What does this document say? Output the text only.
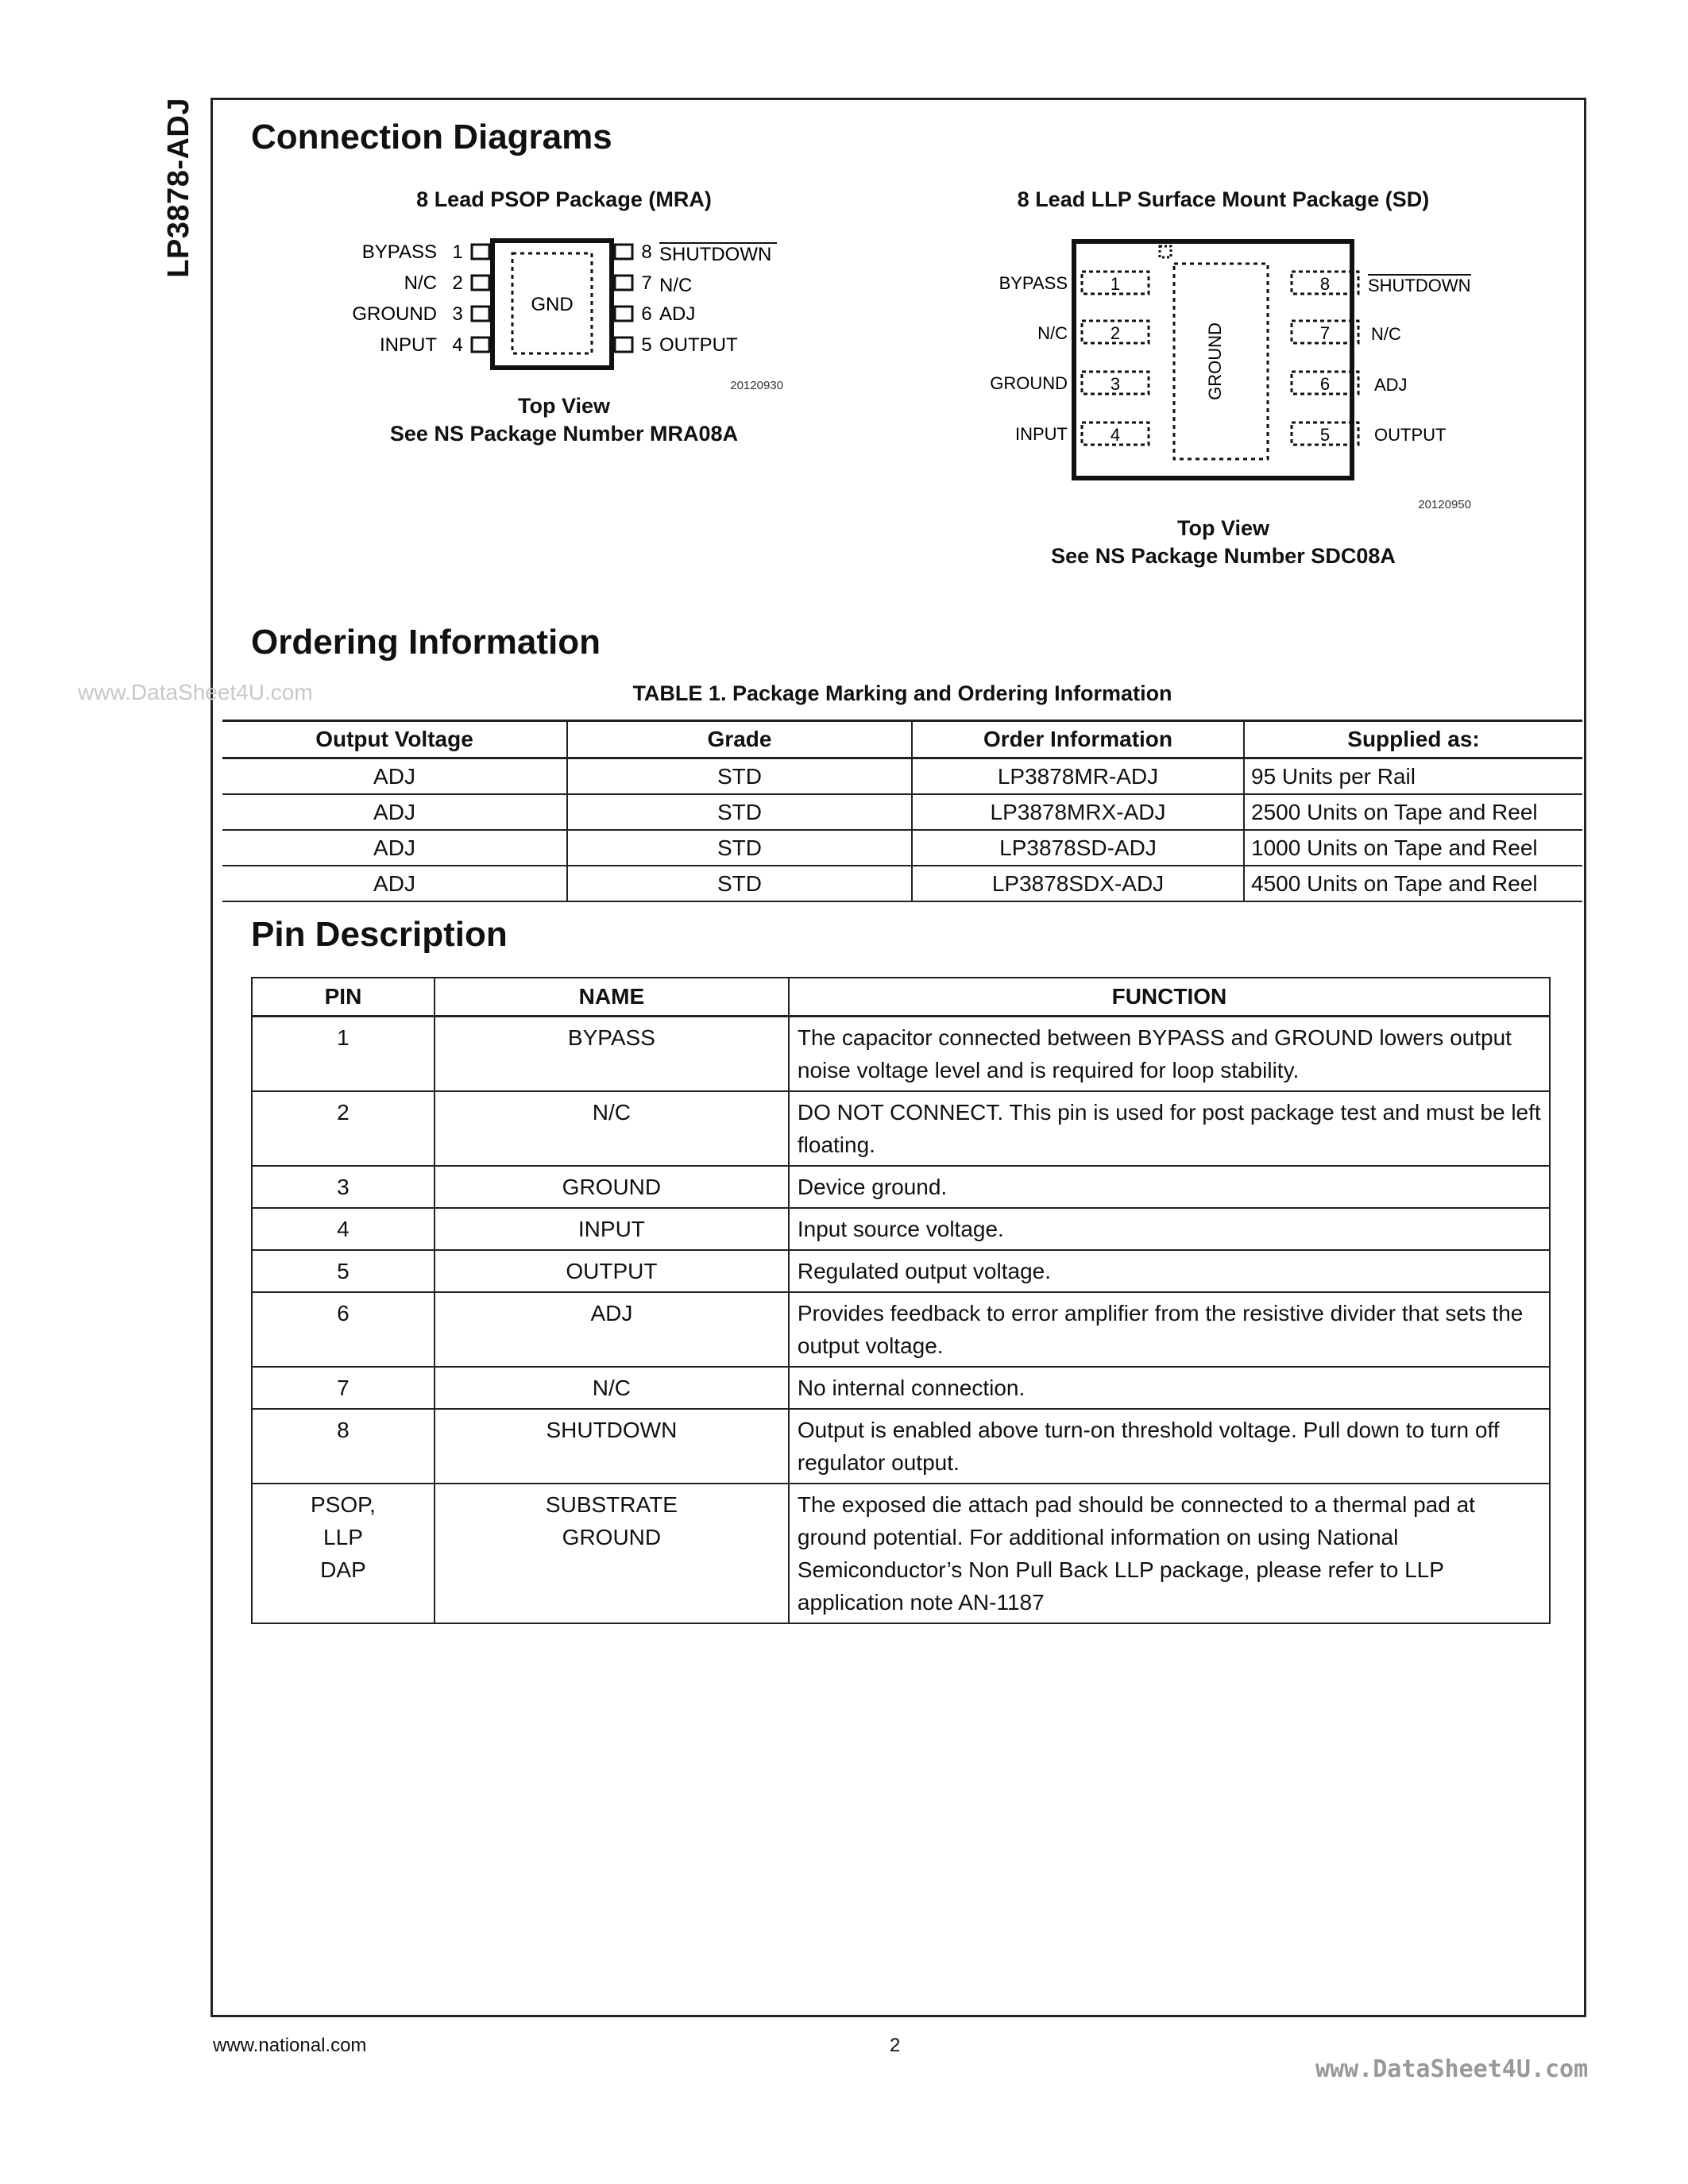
LP3878-ADJ Connection Diagrams
8 Lead PSOP Package (MRA)
GND
BYPASS 1
N/C 2
GROUND 3
INPUT 4
8 SHUTDOWN
7 N/C
6 ADJ
5 OUTPUT
20120930
Top View
See NS Package Number MRA08A
8 Lead LLP Surface Mount Package (SD)
GROUND
1
2
3
4
8
7
6
5
BYPASS
N/C
GROUND
INPUT
SHUTDOWN
N/C
ADJ
OUTPUT
20120950
Top View
See NS Package Number SDC08A
Ordering Information
www.DataSheet4U.com	TABLE 1. Package Marking and Ordering Information
Output Voltage	Grade	Order Information	Supplied as:
ADJ	STD	LP3878MR-ADJ	95 Units per Rail
ADJ	STD	LP3878MRX-ADJ	2500 Units on Tape and Reel
ADJ	STD	LP3878SD-ADJ	1000 Units on Tape and Reel
ADJ	STD	LP3878SDX-ADJ	4500 Units on Tape and Reel
Pin Description
PIN	NAME	FUNCTION
1	BYPASS	The capacitor connected between BYPASS and GROUND lowers output noise voltage level and is required for loop stability.
2	N/C	DO NOT CONNECT. This pin is used for post package test and must be left floating.
3	GROUND	Device ground.
4	INPUT	Input source voltage.
5	OUTPUT	Regulated output voltage.
6	ADJ	Provides feedback to error amplifier from the resistive divider that sets the output voltage.
7	N/C	No internal connection.
8	SHUTDOWN	Output is enabled above turn-on threshold voltage. Pull down to turn off regulator output.
PSOP, LLP DAP	SUBSTRATE GROUND	The exposed die attach pad should be connected to a thermal pad at ground potential. For additional information on using National Semiconductor’s Non Pull Back LLP package, please refer to LLP application note AN-1187
www.national.com	2
www.DataSheet4U.com
